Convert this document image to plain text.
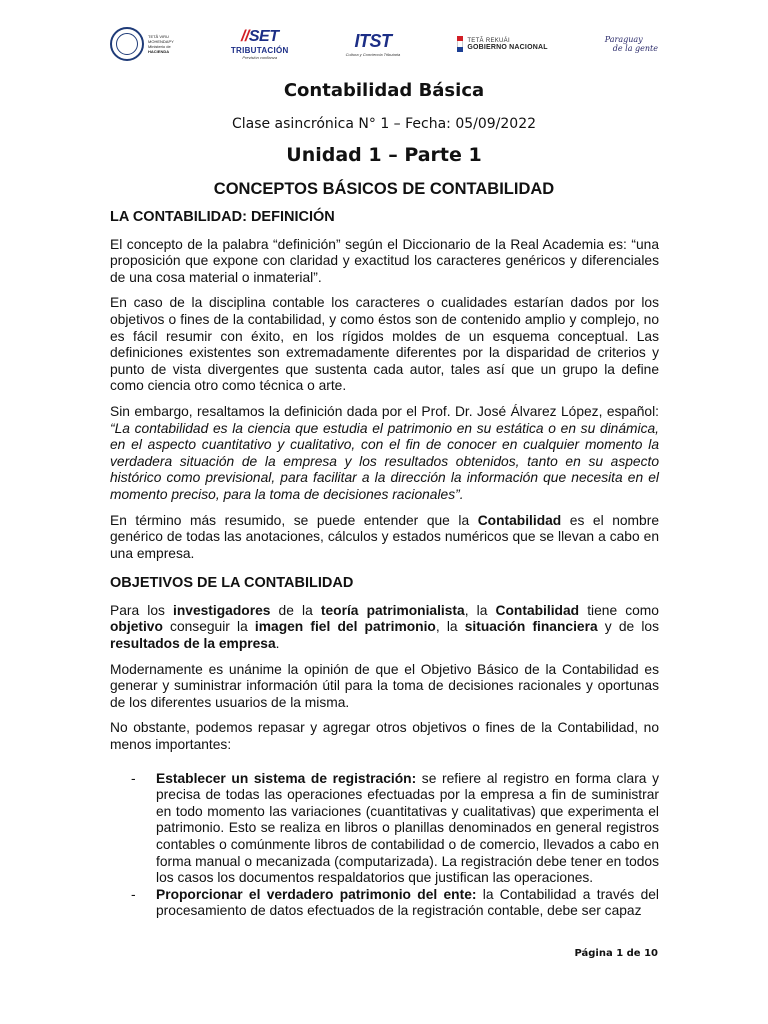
TETÃ VIRU
MOHENDAPY
Ministerio de
HACIENDA
//SET
TRIBUTACIÓN
Previsión confianza
ITST
Cultura y Conciencia Tributaria
TETÃ REKUÁI
GOBIERNO NACIONAL
Paraguay
de la gente
Contabilidad Básica
Clase asincrónica N° 1 – Fecha: 05/09/2022
Unidad 1 – Parte 1
CONCEPTOS BÁSICOS DE CONTABILIDAD
LA CONTABILIDAD: DEFINICIÓN

El concepto de la palabra “definición” según el Diccionario de la Real Academia es: “una proposición que expone con claridad y exactitud los caracteres genéricos y diferenciales de una cosa material o inmaterial”.

En caso de la disciplina contable los caracteres o cualidades estarían dados por los objetivos o fines de la contabilidad, y como éstos son de contenido amplio y complejo, no es fácil resumir con éxito, en los rígidos moldes de un esquema conceptual. Las definiciones existentes son extremadamente diferentes por la disparidad de criterios y punto de vista divergentes que sustenta cada autor, tales así que un grupo la define como ciencia otro como técnica o arte.

Sin embargo, resaltamos la definición dada por el Prof. Dr. José Álvarez López, español: “La contabilidad es la ciencia que estudia el patrimonio en su estática o en su dinámica, en el aspecto cuantitativo y cualitativo, con el fin de conocer en cualquier momento la verdadera situación de la empresa y los resultados obtenidos, tanto en su aspecto histórico como previsional, para facilitar a la dirección la información que necesita en el momento preciso, para la toma de decisiones racionales”.

En término más resumido, se puede entender que la Contabilidad es el nombre genérico de todas las anotaciones, cálculos y estados numéricos que se llevan a cabo en una empresa.

OBJETIVOS DE LA CONTABILIDAD

Para los investigadores de la teoría patrimonialista, la Contabilidad tiene como objetivo conseguir la imagen fiel del patrimonio, la situación financiera y de los resultados de la empresa.

Modernamente es unánime la opinión de que el Objetivo Básico de la Contabilidad es generar y suministrar información útil para la toma de decisiones racionales y oportunas de los diferentes usuarios de la misma.

No obstante, podemos repasar y agregar otros objetivos o fines de la Contabilidad, no menos importantes:

- Establecer un sistema de registración: se refiere al registro en forma clara y precisa de todas las operaciones efectuadas por la empresa a fin de suministrar en todo momento las variaciones (cuantitativas y cualitativas) que experimenta el patrimonio. Esto se realiza en libros o planillas denominados en general registros contables o comúnmente libros de contabilidad o de comercio, llevados a cabo en forma manual o mecanizada (computarizada). La registración debe tener en todos los casos los documentos respaldatorios que justifican las operaciones.
- Proporcionar el verdadero patrimonio del ente: la Contabilidad a través del procesamiento de datos efectuados de la registración contable, debe ser capaz
Página 1 de 10
